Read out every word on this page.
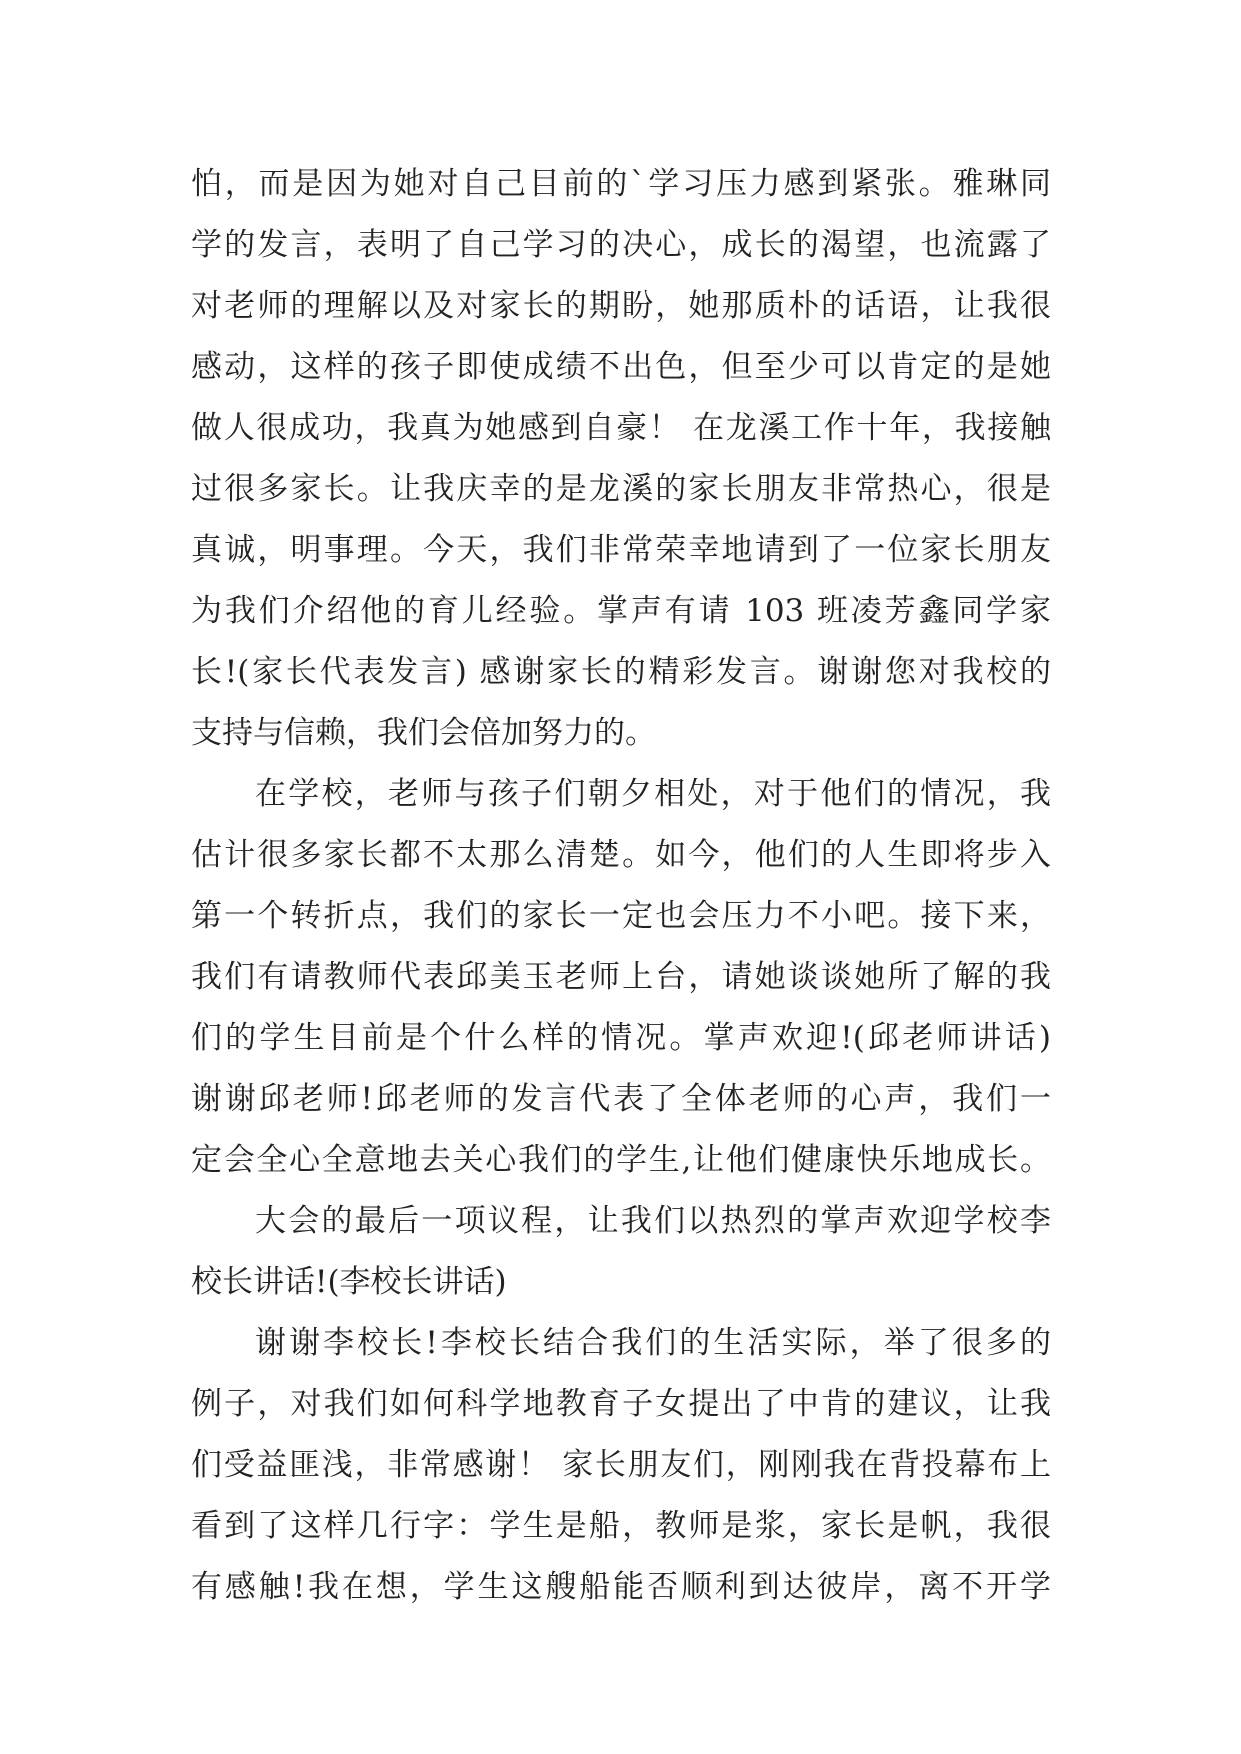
怕，而是因为她对自己目前的`学习压力感到紧张。雅琳同
学的发言，表明了自己学习的决心，成长的渴望，也流露了
对老师的理解以及对家长的期盼，她那质朴的话语，让我很
感动，这样的孩子即使成绩不出色，但至少可以肯定的是她
做人很成功，我真为她感到自豪！ 在龙溪工作十年，我接触
过很多家长。让我庆幸的是龙溪的家长朋友非常热心，很是
真诚，明事理。今天，我们非常荣幸地请到了一位家长朋友
为我们介绍他的育儿经验。掌声有请 103 班凌芳鑫同学家
长!(家长代表发言) 感谢家长的精彩发言。谢谢您对我校的
支持与信赖，我们会倍加努力的。
在学校，老师与孩子们朝夕相处，对于他们的情况，我
估计很多家长都不太那么清楚。如今，他们的人生即将步入
第一个转折点，我们的家长一定也会压力不小吧。接下来，
我们有请教师代表邱美玉老师上台，请她谈谈她所了解的我
们的学生目前是个什么样的情况。掌声欢迎!(邱老师讲话)
谢谢邱老师!邱老师的发言代表了全体老师的心声，我们一
定会全心全意地去关心我们的学生,让他们健康快乐地成长。
大会的最后一项议程，让我们以热烈的掌声欢迎学校李
校长讲话!(李校长讲话)
谢谢李校长!李校长结合我们的生活实际，举了很多的
例子，对我们如何科学地教育子女提出了中肯的建议，让我
们受益匪浅，非常感谢！ 家长朋友们，刚刚我在背投幕布上
看到了这样几行字：学生是船，教师是浆，家长是帆，我很
有感触!我在想，学生这艘船能否顺利到达彼岸，离不开学
